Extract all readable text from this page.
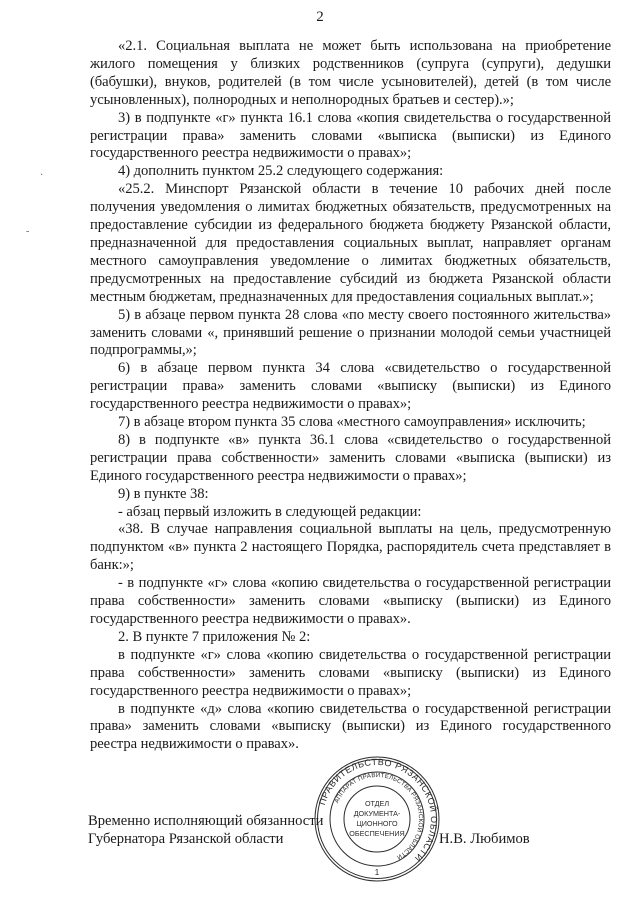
2

«2.1. Социальная выплата не может быть использована на приобретение жилого помещения у близких родственников (супруга (супруги), дедушки (бабушки), внуков, родителей (в том числе усыновителей), детей (в том числе усыновленных), полнородных и неполнородных братьев и сестер).»;

3) в подпункте «г» пункта 16.1 слова «копия свидетельства о государственной регистрации права» заменить словами «выписка (выписки) из Единого государственного реестра недвижимости о правах»;

4) дополнить пунктом 25.2 следующего содержания:

«25.2. Минспорт Рязанской области в течение 10 рабочих дней после получения уведомления о лимитах бюджетных обязательств, предусмотренных на предоставление субсидии из федерального бюджета бюджету Рязанской области, предназначенной для предоставления социальных выплат, направляет органам местного самоуправления уведомление о лимитах бюджетных обязательств, предусмотренных на предоставление субсидий из бюджета Рязанской области местным бюджетам, предназначенных для предоставления социальных выплат.»;

5) в абзаце первом пункта 28 слова «по месту своего постоянного жительства» заменить словами «, принявший решение о признании молодой семьи участницей подпрограммы,»;

6) в абзаце первом пункта 34 слова «свидетельство о государственной регистрации права» заменить словами «выписку (выписки) из Единого государственного реестра недвижимости о правах»;

7) в абзаце втором пункта 35 слова «местного самоуправления» исключить;

8) в подпункте «в» пункта 36.1 слова «свидетельство о государственной регистрации права собственности» заменить словами «выписка (выписки) из Единого государственного реестра недвижимости о правах»;

9) в пункте 38:

- абзац первый изложить в следующей редакции:

«38. В случае направления социальной выплаты на цель, предусмотренную подпунктом «в» пункта 2 настоящего Порядка, распорядитель счета представляет в банк:»;

- в подпункте «г» слова «копию свидетельства о государственной регистрации права собственности» заменить словами «выписку (выписки) из Единого государственного реестра недвижимости о правах».

2. В пункте 7 приложения № 2:

в подпункте «г» слова «копию свидетельства о государственной регистрации права собственности» заменить словами «выписку (выписки) из Единого государственного реестра недвижимости о правах»;

в подпункте «д» слова «копию свидетельства о государственной регистрации права» заменить словами «выписку (выписки) из Единого государственного реестра недвижимости о правах».

·
-
ПРАВИТЕЛЬСТВО РЯЗАНСКОЙ ОБЛАСТИ
АППАРАТ ПРАВИТЕЛЬСТВА РЯЗАНСКОЙ ОБЛАСТИ
ОТДЕЛ
ДОКУМЕНТА-
ЦИОННОГО
ОБЕСПЕЧЕНИЯ
1
Временно исполняющий обязанности
Губернатора Рязанской области	Н.В. Любимов
